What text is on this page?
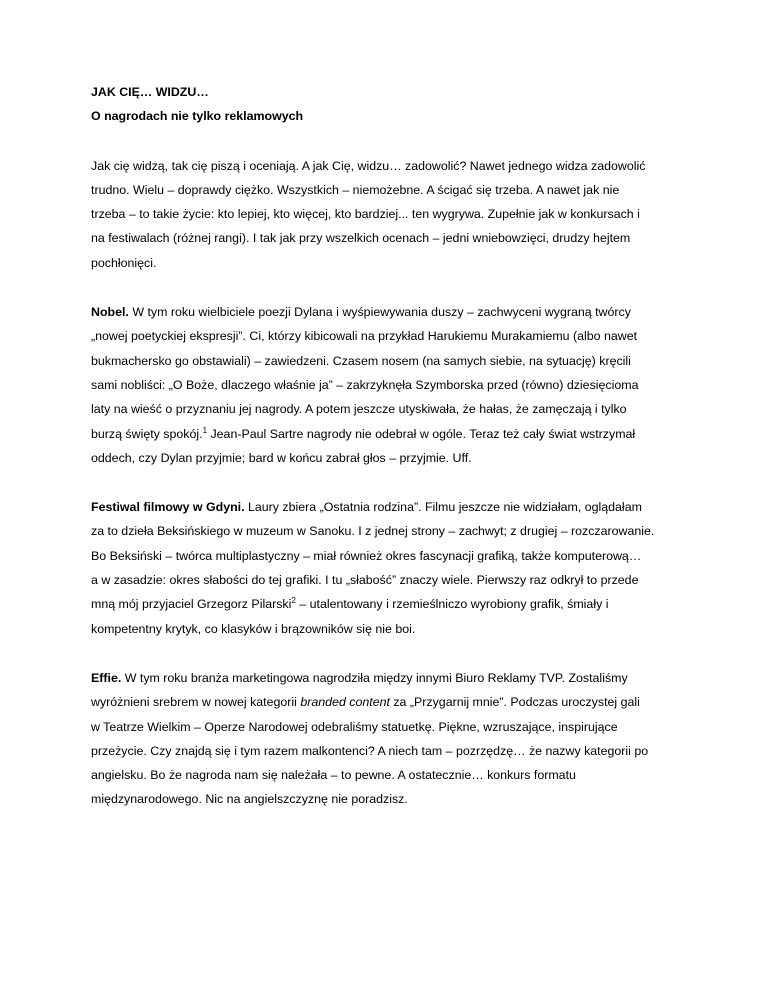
JAK CIĘ… WIDZU…
O nagrodach nie tylko reklamowych
Jak cię widzą, tak cię piszą i oceniają. A jak Cię, widzu… zadowolić? Nawet jednego widza zadowolić
trudno. Wielu – doprawdy ciężko. Wszystkich – niemożebne. A ścigać się trzeba. A nawet jak nie
trzeba – to takie życie: kto lepiej, kto więcej, kto bardziej... ten wygrywa. Zupełnie jak w konkursach i
na festiwalach (różnej rangi). I tak jak przy wszelkich ocenach – jedni wniebowzięci, drudzy hejtem
pochłonięci.
Nobel. W tym roku wielbiciele poezji Dylana i wyśpiewywania duszy – zachwyceni wygraną twórcy
„nowej poetyckiej ekspresji”. Ci, którzy kibicowali na przykład Harukiemu Murakamiemu (albo nawet
bukmachersko go obstawiali) – zawiedzeni. Czasem nosem (na samych siebie, na sytuację) kręcili
sami nobliści: „O Boże, dlaczego właśnie ja” – zakrzyknęła Szymborska przed (równo) dziesięcioma
laty na wieść o przyznaniu jej nagrody. A potem jeszcze utyskiwała, że hałas, że zamęczają i tylko
burzą święty spokój.$^1$ Jean-Paul Sartre nagrody nie odebrał w ogóle. Teraz też cały świat wstrzymał
oddech, czy Dylan przyjmie; bard w końcu zabrał głos – przyjmie. Uff.
Festiwal filmowy w Gdyni. Laury zbiera „Ostatnia rodzina”. Filmu jeszcze nie widziałam, oglądałam
za to dzieła Beksińskiego w muzeum w Sanoku. I z jednej strony – zachwyt; z drugiej – rozczarowanie.
Bo Beksiński – twórca multiplastyczny – miał również okres fascynacji grafiką, także komputerową…
a w zasadzie: okres słabości do tej grafiki. I tu „słabość” znaczy wiele. Pierwszy raz odkrył to przede
mną mój przyjaciel Grzegorz Pilarski$^2$ – utalentowany i rzemieślniczo wyrobiony grafik, śmiały i
kompetentny krytyk, co klasyków i brązowników się nie boi.
Effie. W tym roku branża marketingowa nagrodziła między innymi Biuro Reklamy TVP. Zostaliśmy
wyróżnieni srebrem w nowej kategorii branded content za „Przygarnij mnie”. Podczas uroczystej gali
w Teatrze Wielkim – Operze Narodowej odebraliśmy statuetkę. Piękne, wzruszające, inspirujące
przeżycie. Czy znajdą się i tym razem malkontenci? A niech tam – pozrzędzę… że nazwy kategorii po
angielsku. Bo że nagroda nam się należała – to pewne. A ostatecznie… konkurs formatu
międzynarodowego. Nic na angielszczyznę nie poradzisz.
